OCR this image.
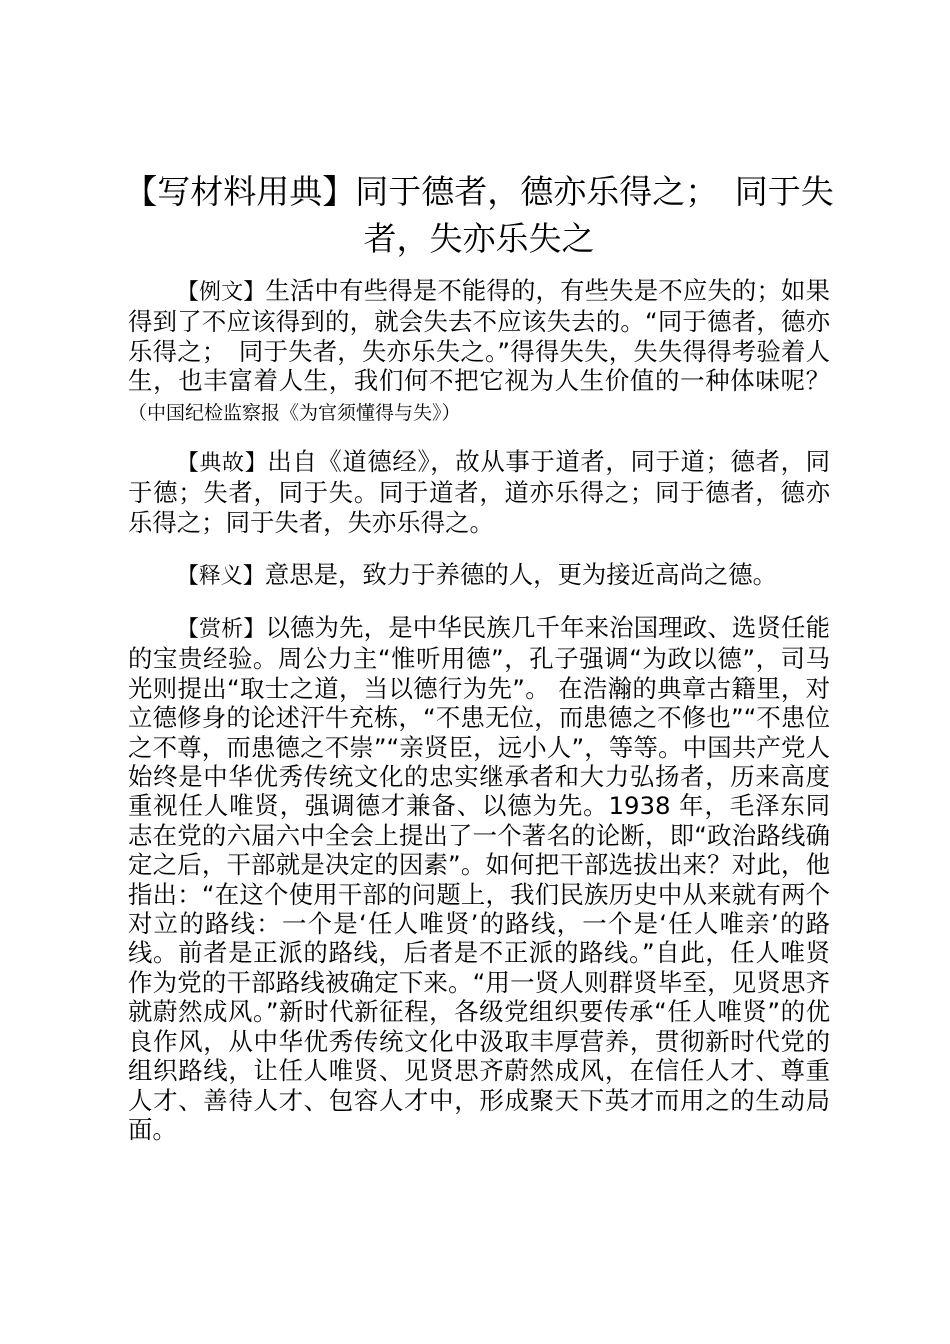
【写材料用典】同于德者，德亦乐得之；　同于失者，失亦乐失之

【例文】生活中有些得是不能得的，有些失是不应失的；如果得到了不应该得到的，就会失去不应该失去的。“同于德者，德亦乐得之；　同于失者，失亦乐失之。”得得失失，失失得得考验着人生，也丰富着人生，我们何不把它视为人生价值的一种体味呢？（中国纪检监察报《为官须懂得与失》）

【典故】出自《道德经》，故从事于道者，同于道；德者，同于德；失者，同于失。同于道者，道亦乐得之；同于德者，德亦乐得之；同于失者，失亦乐得之。

【释义】意思是，致力于养德的人，更为接近高尚之德。

【赏析】以德为先，是中华民族几千年来治国理政、选贤任能的宝贵经验。周公力主“惟听用德”，孔子强调“为政以德”，司马光则提出“取士之道，当以德行为先”。 在浩瀚的典章古籍里，对立德修身的论述汗牛充栋，“不患无位，而患德之不修也”“不患位之不尊，而患德之不崇”“亲贤臣，远小人”，等等。中国共产党人始终是中华优秀传统文化的忠实继承者和大力弘扬者，历来高度重视任人唯贤，强调德才兼备、以德为先。1938 年，毛泽东同志在党的六届六中全会上提出了一个著名的论断，即“政治路线确定之后，干部就是决定的因素”。如何把干部选拔出来？对此，他指出：“在这个使用干部的问题上，我们民族历史中从来就有两个对立的路线：一个是‘任人唯贤’的路线，一个是‘任人唯亲’的路线。前者是正派的路线，后者是不正派的路线。”自此，任人唯贤作为党的干部路线被确定下来。“用一贤人则群贤毕至，见贤思齐就蔚然成风。”新时代新征程，各级党组织要传承“任人唯贤”的优良作风，从中华优秀传统文化中汲取丰厚营养，贯彻新时代党的组织路线，让任人唯贤、见贤思齐蔚然成风，在信任人才、尊重人才、善待人才、包容人才中，形成聚天下英才而用之的生动局面。
